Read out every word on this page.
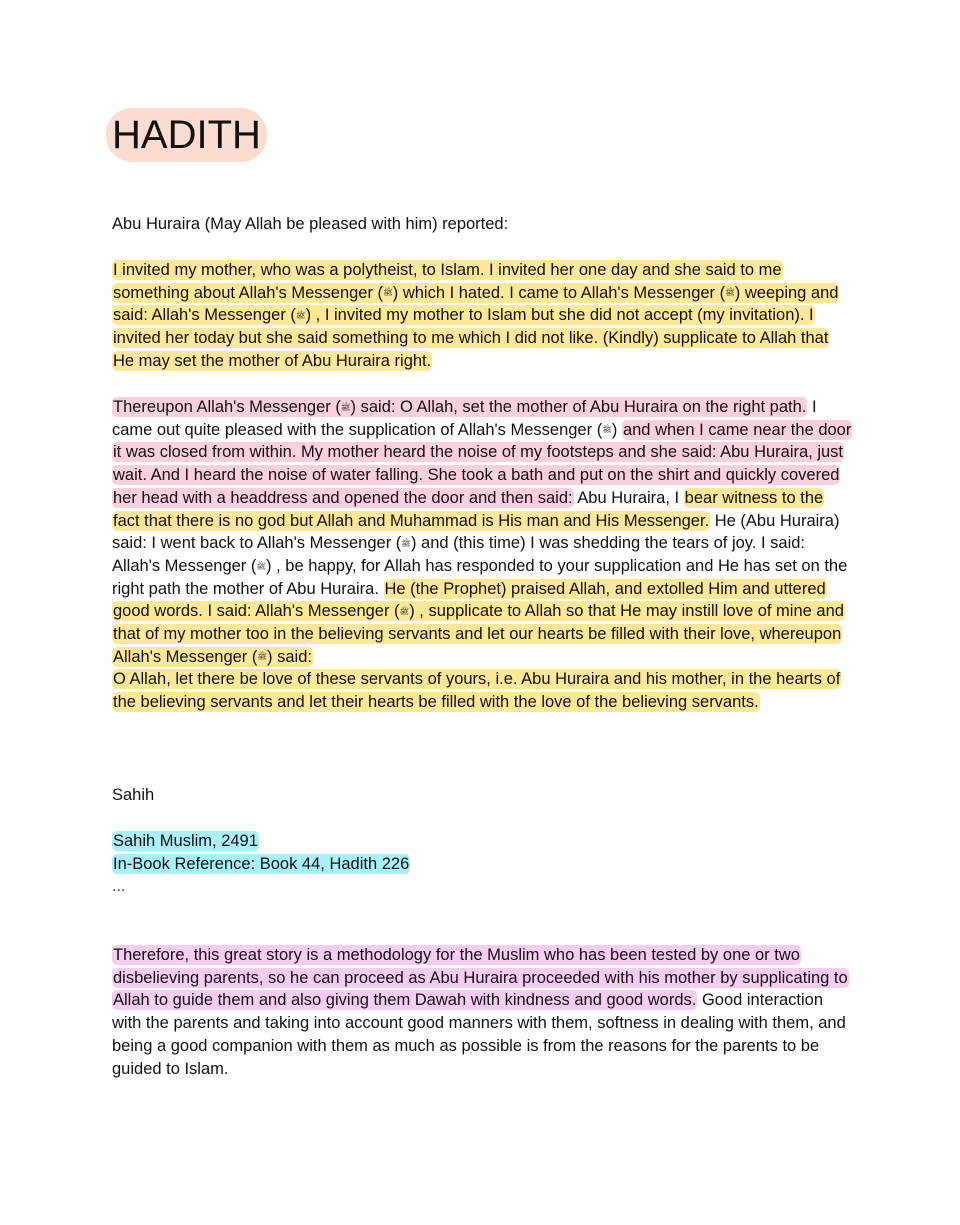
HADITH

Abu Huraira (May Allah be pleased with him) reported:

I invited my mother, who was a polytheist, to Islam. I invited her one day and she said to me something about Allah's Messenger (ﷺ) which I hated. I came to Allah's Messenger (ﷺ) weeping and said: Allah's Messenger (ﷺ) , I invited my mother to Islam but she did not accept (my invitation). I invited her today but she said something to me which I did not like. (Kindly) supplicate to Allah that He may set the mother of Abu Huraira right.

Thereupon Allah's Messenger (ﷺ) said: O Allah, set the mother of Abu Huraira on the right path. I came out quite pleased with the supplication of Allah's Messenger (ﷺ) and when I came near the door it was closed from within. My mother heard the noise of my footsteps and she said: Abu Huraira, just wait. And I heard the noise of water falling. She took a bath and put on the shirt and quickly covered her head with a headdress and opened the door and then said: Abu Huraira, I bear witness to the fact that there is no god but Allah and Muhammad is His man and His Messenger. He (Abu Huraira) said: I went back to Allah's Messenger (ﷺ) and (this time) I was shedding the tears of joy. I said: Allah's Messenger (ﷺ) , be happy, for Allah has responded to your supplication and He has set on the right path the mother of Abu Huraira. He (the Prophet) praised Allah, and extolled Him and uttered good words. I said: Allah's Messenger (ﷺ) , supplicate to Allah so that He may instill love of mine and that of my mother too in the believing servants and let our hearts be filled with their love, whereupon Allah's Messenger (ﷺ) said:
O Allah, let there be love of these servants of yours, i.e. Abu Huraira and his mother, in the hearts of the believing servants and let their hearts be filled with the love of the believing servants.

Sahih

Sahih Muslim, 2491
In-Book Reference: Book 44, Hadith 226

...

Therefore, this great story is a methodology for the Muslim who has been tested by one or two disbelieving parents, so he can proceed as Abu Huraira proceeded with his mother by supplicating to Allah to guide them and also giving them Dawah with kindness and good words. Good interaction with the parents and taking into account good manners with them, softness in dealing with them, and being a good companion with them as much as possible is from the reasons for the parents to be guided to Islam.
